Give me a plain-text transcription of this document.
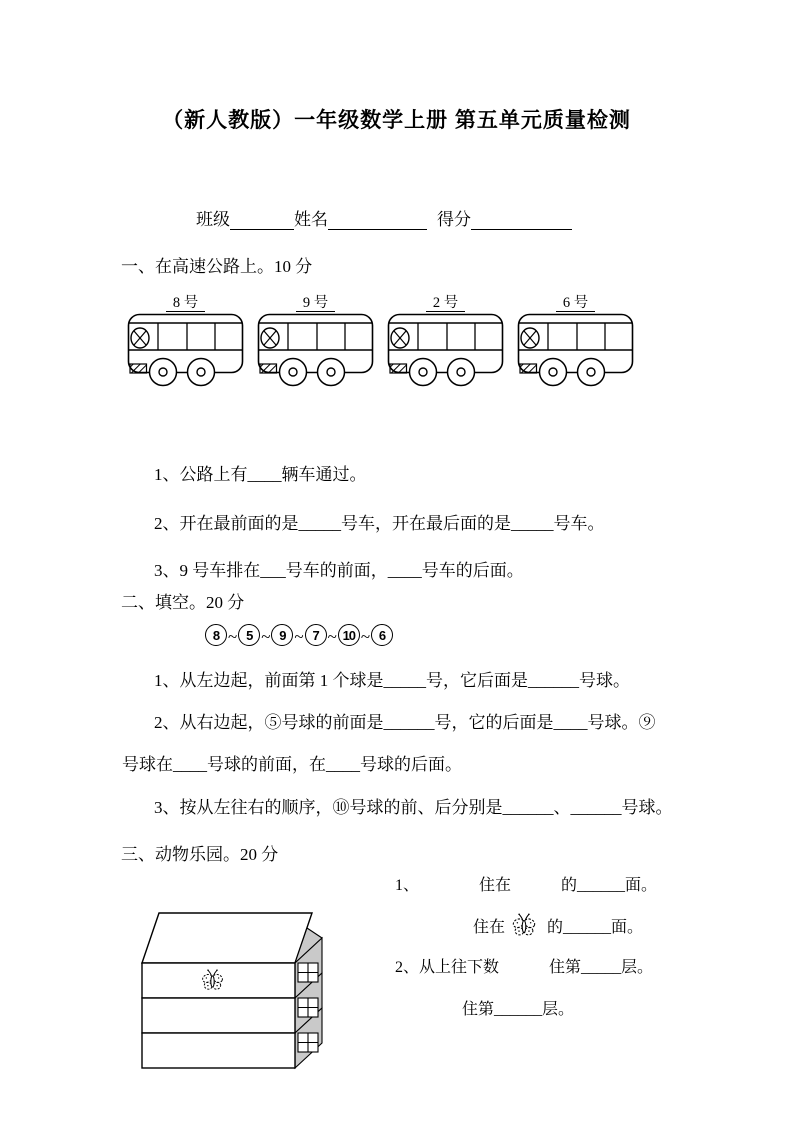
（新人教版）一年级数学上册 第五单元质量检测
班级	姓名	得分
一、在高速公路上。10 分
8 号	9 号	2 号	6 号
1、公路上有____辆车通过。
2、开在最前面的是_____号车，开在最后面的是_____号车。
3、9 号车排在___号车的前面，____号车的后面。
二、填空。20 分
8 ~ 5 ~ 9 ~ 7 ~ 10 ~ 6
1、从左边起，前面第 1 个球是_____号，它后面是______号球。
2、从右边起，⑤号球的前面是______号，它的后面是____号球。⑨
号球在____号球的前面，在____号球的后面。
3、按从左往右的顺序，⑩号球的前、后分别是______、______号球。
三、动物乐园。20 分
1、	住在	的______面。
住在	的______面。
2、从上往下数	住第_____层。
住第______层。
